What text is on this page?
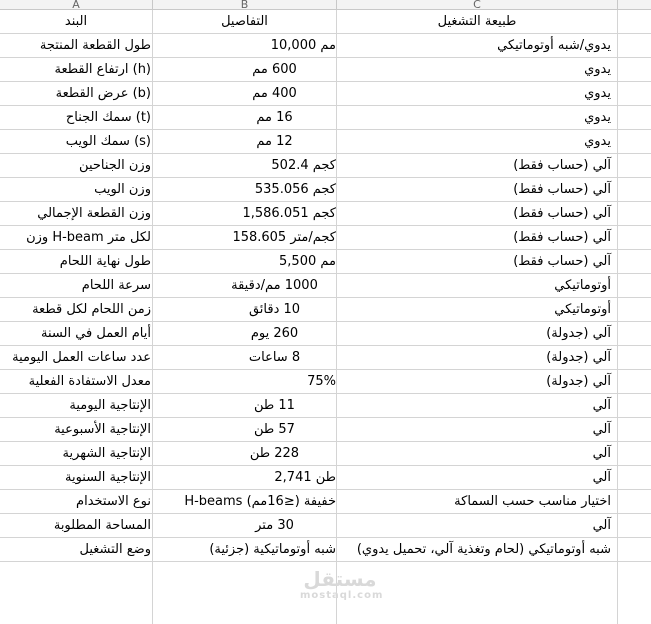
A	B	C
البند	التفاصيل	طبيعة التشغيل
طول القطعة المنتجة	10,000 مم	يدوي/شبه أوتوماتيكي
ارتفاع القطعة (h)	600 مم	يدوي
عرض القطعة (b)	400 مم	يدوي
سمك الجناح (t)	16 مم	يدوي
سمك الويب (s)	12 مم	يدوي
وزن الجناحين	502.4 كجم	آلي (حساب فقط)
وزن الويب	535.056 كجم	آلي (حساب فقط)
وزن القطعة الإجمالي	1,586.051 كجم	آلي (حساب فقط)
وزن H-beam لكل متر	158.605 كجم/متر	آلي (حساب فقط)
طول نهاية اللحام	5,500 مم	آلي (حساب فقط)
سرعة اللحام	1000 مم/دقيقة	أوتوماتيكي
زمن اللحام لكل قطعة	10 دقائق	أوتوماتيكي
أيام العمل في السنة	260 يوم	آلي (جدولة)
عدد ساعات العمل اليومية	8 ساعات	آلي (جدولة)
معدل الاستفادة الفعلية	75%	آلي (جدولة)
الإنتاجية اليومية	11 طن	آلي
الإنتاجية الأسبوعية	57 طن	آلي
الإنتاجية الشهرية	228 طن	آلي
الإنتاجية السنوية	2,741 طن	آلي
نوع الاستخدام	H-beams خفيفة (≤16مم)	اختيار مناسب حسب السماكة
المساحة المطلوبة	30 متر	آلي
وضع التشغيل	شبه أوتوماتيكية (جزئية)	شبه أوتوماتيكي (لحام وتغذية آلي، تحميل يدوي)
مستقل
mostaql.com
